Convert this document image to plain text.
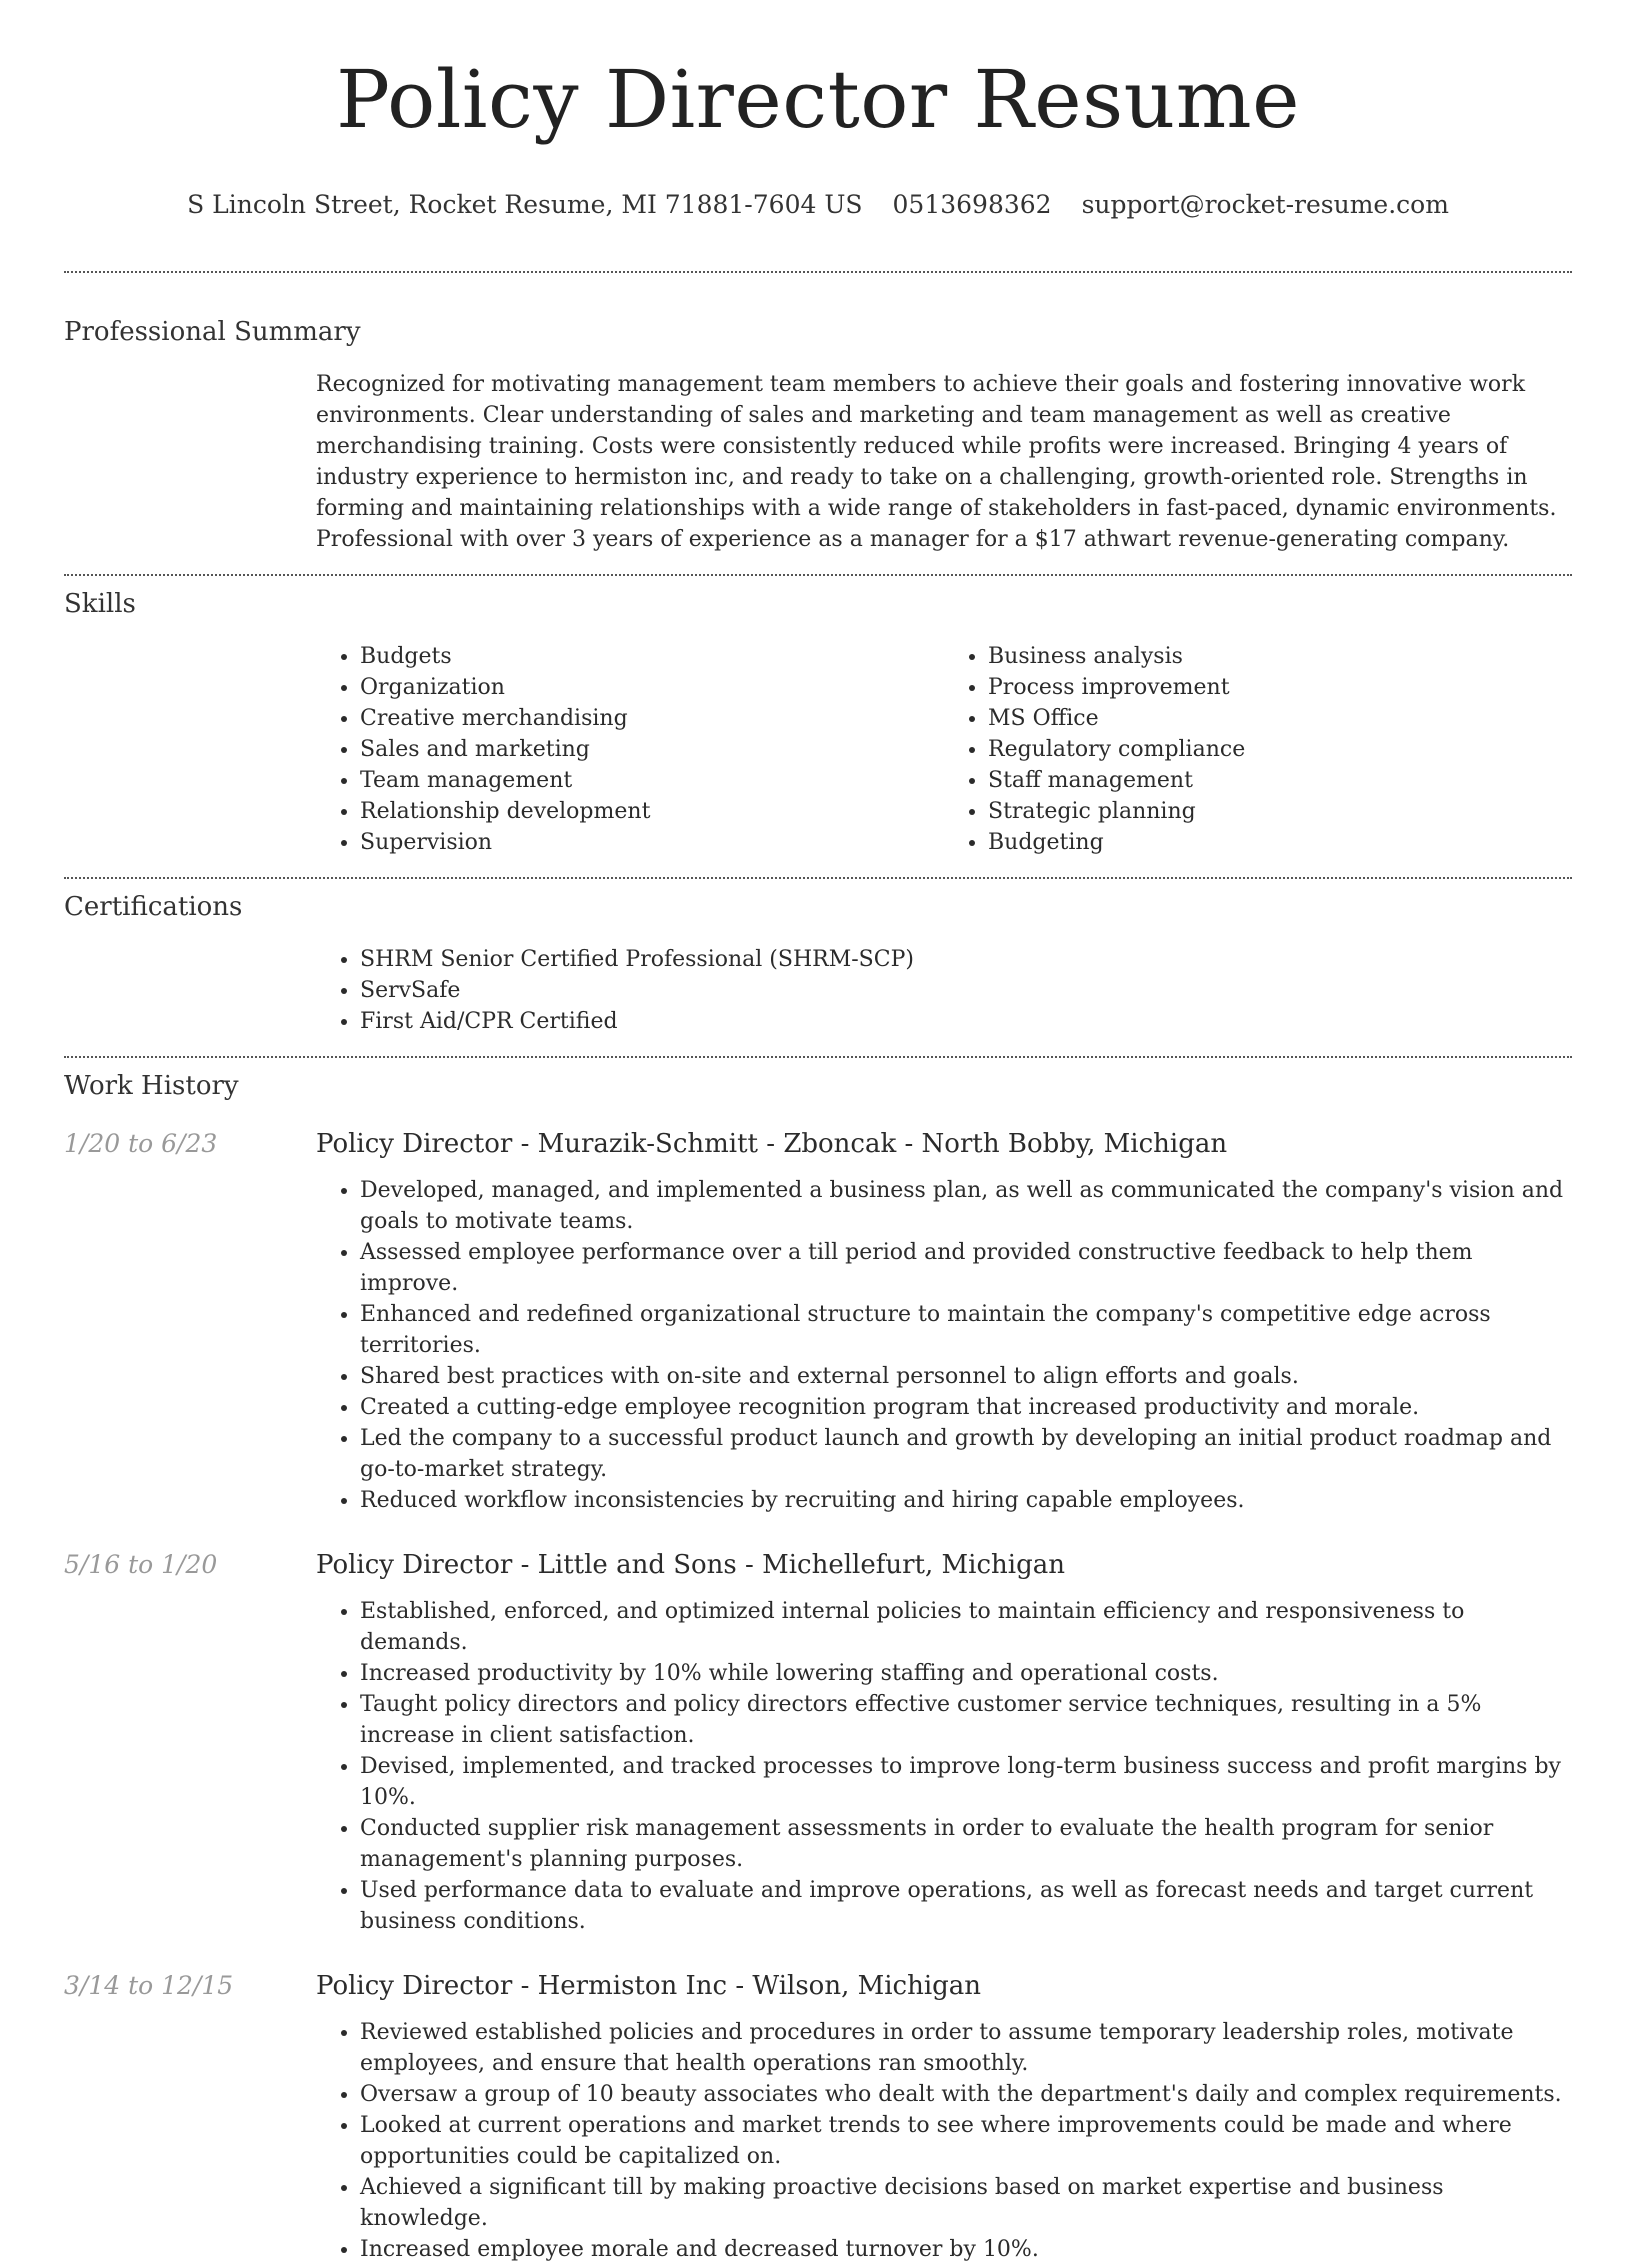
Policy Director Resume
S Lincoln Street, Rocket Resume, MI 71881-7604 US 0513698362 support@rocket-resume.com
Professional Summary

Recognized for motivating management team members to achieve their goals and fostering innovative work environments. Clear understanding of sales and marketing and team management as well as creative merchandising training. Costs were consistently reduced while profits were increased. Bringing 4 years of industry experience to hermiston inc, and ready to take on a challenging, growth-oriented role. Strengths in forming and maintaining relationships with a wide range of stakeholders in fast-paced, dynamic environments. Professional with over 3 years of experience as a manager for a $17 athwart revenue-generating company.

Skills
• Budgets
• Organization
• Creative merchandising
• Sales and marketing
• Team management
• Relationship development
• Supervision
• Business analysis
• Process improvement
• MS Office
• Regulatory compliance
• Staff management
• Strategic planning
• Budgeting
Certifications
• SHRM Senior Certified Professional (SHRM-SCP)
• ServSafe
• First Aid/CPR Certified
Work History
1/20 to 6/23	Policy Director - Murazik-Schmitt - Zboncak - North Bobby, Michigan
• Developed, managed, and implemented a business plan, as well as communicated the company's vision and goals to motivate teams.
• Assessed employee performance over a till period and provided constructive feedback to help them improve.
• Enhanced and redefined organizational structure to maintain the company's competitive edge across territories.
• Shared best practices with on-site and external personnel to align efforts and goals.
• Created a cutting-edge employee recognition program that increased productivity and morale.
• Led the company to a successful product launch and growth by developing an initial product roadmap and go-to-market strategy.
• Reduced workflow inconsistencies by recruiting and hiring capable employees.
5/16 to 1/20	Policy Director - Little and Sons - Michellefurt, Michigan
• Established, enforced, and optimized internal policies to maintain efficiency and responsiveness to demands.
• Increased productivity by 10% while lowering staffing and operational costs.
• Taught policy directors and policy directors effective customer service techniques, resulting in a 5% increase in client satisfaction.
• Devised, implemented, and tracked processes to improve long-term business success and profit margins by 10%.
• Conducted supplier risk management assessments in order to evaluate the health program for senior management's planning purposes.
• Used performance data to evaluate and improve operations, as well as forecast needs and target current business conditions.
3/14 to 12/15	Policy Director - Hermiston Inc - Wilson, Michigan
• Reviewed established policies and procedures in order to assume temporary leadership roles, motivate employees, and ensure that health operations ran smoothly.
• Oversaw a group of 10 beauty associates who dealt with the department's daily and complex requirements.
• Looked at current operations and market trends to see where improvements could be made and where opportunities could be capitalized on.
• Achieved a significant till by making proactive decisions based on market expertise and business knowledge.
• Increased employee morale and decreased turnover by 10%.
